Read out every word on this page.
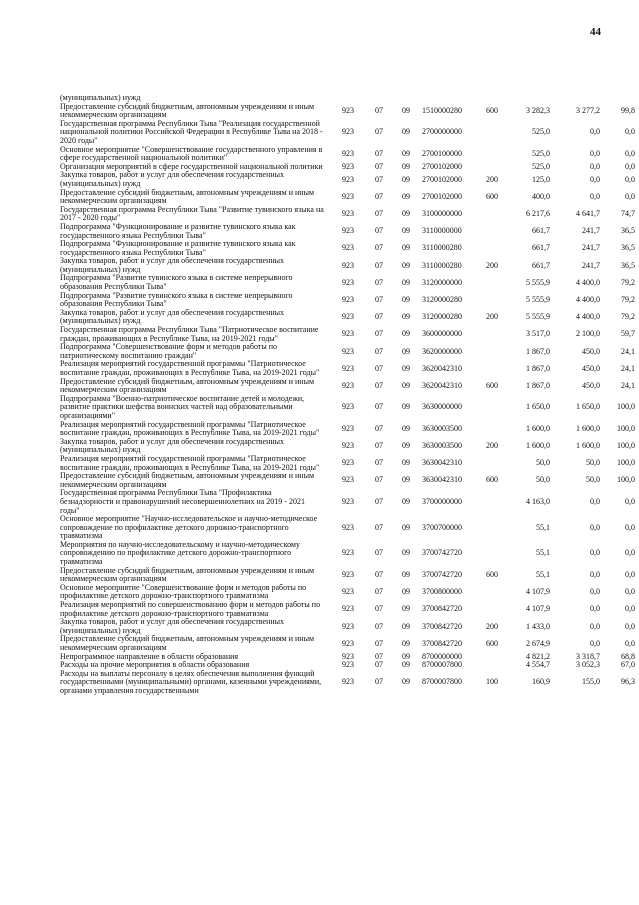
44
(муниципальных) нужд								
Предоставление субсидий бюджетным, автономным учреждениям и иным некоммерческим организациям	923	07	09	1510000280	600	3 282,3	3 277,2	99,8
Государственная программа Республики Тыва "Реализация государственной национальной политики Российской Федерации в Республике Тыва на 2018 - 2020 годы"	923	07	09	2700000000		525,0	0,0	0,0
Основное мероприятие "Совершенствование государственного управления в сфере государственной национальной политики"	923	07	09	2700100000		525,0	0,0	0,0
Организация мероприятий в сфере государственной национальной политики	923	07	09	2700102000		525,0	0,0	0,0
Закупка товаров, работ и услуг для обеспечения государственных (муниципальных) нужд	923	07	09	2700102000	200	125,0	0,0	0,0
Предоставление субсидий бюджетным, автономным учреждениям и иным некоммерческим организациям	923	07	09	2700102000	600	400,0	0,0	0,0
Государственная программа Республики Тыва "Развитие тувинского языка на 2017 - 2020 годы"	923	07	09	3100000000		6 217,6	4 641,7	74,7
Подпрограмма "Функционирование и развитие тувинского языка как государственного языка Республики Тыва"	923	07	09	3110000000		661,7	241,7	36,5
Подпрограмма "Функционирование и развитие тувинского языка как государственного языка Республики Тыва"	923	07	09	3110000280		661,7	241,7	36,5
Закупка товаров, работ и услуг для обеспечения государственных (муниципальных) нужд	923	07	09	3110000280	200	661,7	241,7	36,5
Подпрограмма "Развитие тувинского языка в системе непрерывного образования Республики Тыва"	923	07	09	3120000000		5 555,9	4 400,0	79,2
Подпрограмма "Развитие тувинского языка в системе непрерывного образования Республики Тыва"	923	07	09	3120000280		5 555,9	4 400,0	79,2
Закупка товаров, работ и услуг для обеспечения государственных (муниципальных) нужд	923	07	09	3120000280	200	5 555,9	4 400,0	79,2
Государственная программа Республики Тыва "Патриотическое воспитание граждан, проживающих в Республике Тыва, на 2019-2021 годы"	923	07	09	3600000000		3 517,0	2 100,0	59,7
Подпрограмма "Совершенствование форм и методов работы по патриотическому воспитанию граждан"	923	07	09	3620000000		1 867,0	450,0	24,1
Реализация мероприятий государственной программы "Патриотическое воспитание граждан, проживающих в Республике Тыва, на 2019-2021 годы"	923	07	09	3620042310		1 867,0	450,0	24,1
Предоставление субсидий бюджетным, автономным учреждениям и иным некоммерческим организациям	923	07	09	3620042310	600	1 867,0	450,0	24,1
Подпрограмма "Военно-патриотическое воспитание детей и молодежи, развитие практики шефства воинских частей над образовательными организациями"	923	07	09	3630000000		1 650,0	1 650,0	100,0
Реализация мероприятий государственной программы "Патриотическое воспитание граждан, проживающих в Республике Тыва, на 2019-2021 годы"	923	07	09	3630003500		1 600,0	1 600,0	100,0
Закупка товаров, работ и услуг для обеспечения государственных (муниципальных) нужд	923	07	09	3630003500	200	1 600,0	1 600,0	100,0
Реализация мероприятий государственной программы "Патриотическое воспитание граждан, проживающих в Республике Тыва, на 2019-2021 годы"	923	07	09	3630042310		50,0	50,0	100,0
Предоставление субсидий бюджетным, автономным учреждениям и иным некоммерческим организациям	923	07	09	3630042310	600	50,0	50,0	100,0
Государственная программа Республики Тыва "Профилактика безнадзорности и правонарушений несовершеннолетних на 2019 - 2021 годы"	923	07	09	3700000000		4 163,0	0,0	0,0
Основное мероприятие "Научно-исследовательское и научно-методическое сопровождение по профилактике детского дорожно-транспортного травматизма	923	07	09	3700700000		55,1	0,0	0,0
Мероприятия по научно-исследовательскому и научно-методическому сопровождению по профилактике детского дорожно-транспортного травматизма	923	07	09	3700742720		55,1	0,0	0,0
Предоставление субсидий бюджетным, автономным учреждениям и иным некоммерческим организациям	923	07	09	3700742720	600	55,1	0,0	0,0
Основное мероприятие "Совершенствование форм и методов работы по профилактике детского дорожно-транспортного травматизма	923	07	09	3700800000		4 107,9	0,0	0,0
Реализация мероприятий по совершенствованию форм и методов работы по профилактике детского дорожно-транспортного травматизма	923	07	09	3700842720		4 107,9	0,0	0,0
Закупка товаров, работ и услуг для обеспечения государственных (муниципальных) нужд	923	07	09	3700842720	200	1 433,0	0,0	0,0
Предоставление субсидий бюджетным, автономным учреждениям и иным некоммерческим организациям	923	07	09	3700842720	600	2 674,9	0,0	0,0
Непрограммное направление в области образования	923	07	09	8700000000		4 821,2	3 318,7	68,8
Расходы на прочие мероприятия в области образования	923	07	09	8700007800		4 554,7	3 052,3	67,0
Расходы на выплаты персоналу в целях обеспечения выполнения функций государственными (муниципальными) органами, казенными учреждениями, органами управления государственными	923	07	09	8700007800	100	160,9	155,0	96,3
